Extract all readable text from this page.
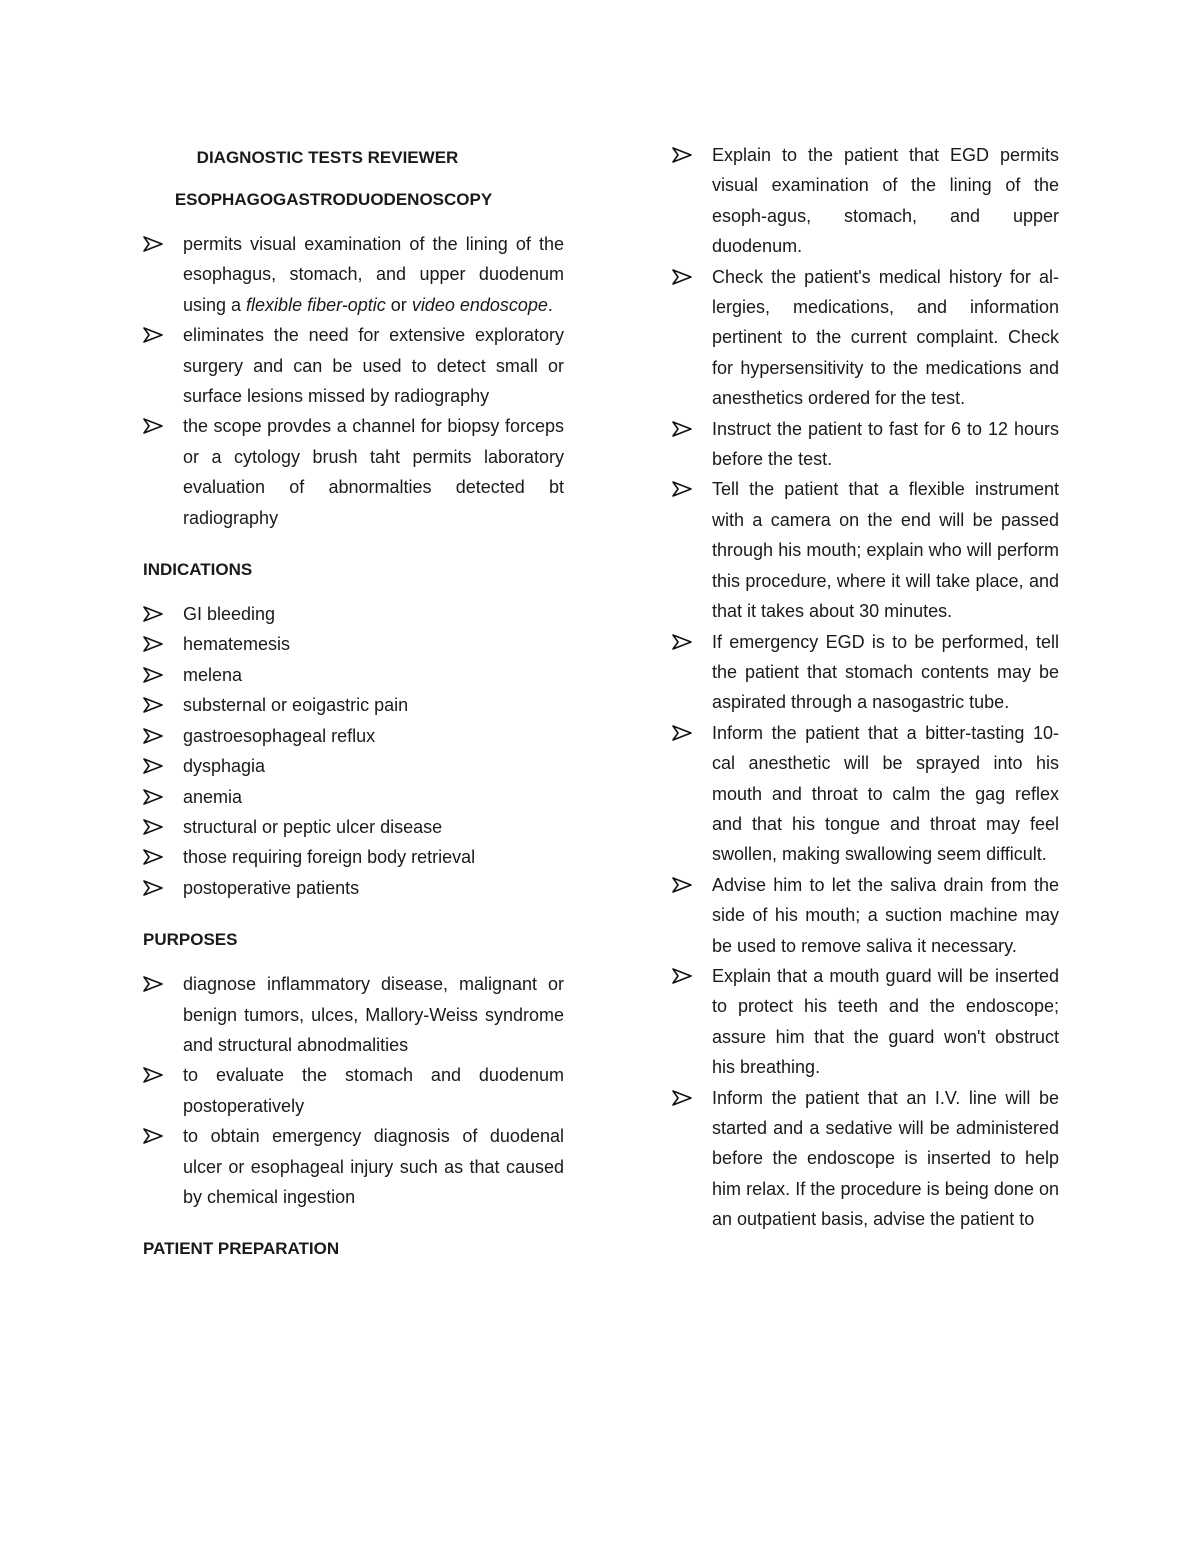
DIAGNOSTIC TESTS REVIEWER
ESOPHAGOGASTRODUODENOSCOPY
permits visual examination of the lining of the esophagus, stomach, and upper duodenum using a flexible fiber-optic or video endoscope.
eliminates the need for extensive exploratory surgery and can be used to detect small or surface lesions missed by radiography
the scope provdes a channel for biopsy forceps or a cytology brush taht permits laboratory evaluation of abnormalties detected bt radiography
INDICATIONS
GI bleeding
hematemesis
melena
substernal or eoigastric pain
gastroesophageal reflux
dysphagia
anemia
structural or peptic ulcer disease
those requiring foreign body retrieval
postoperative patients
PURPOSES
diagnose inflammatory disease, malignant or benign tumors, ulces, Mallory-Weiss syndrome and structural abnodmalities
to evaluate the stomach and duodenum postoperatively
to obtain emergency diagnosis of duodenal ulcer or esophageal injury such as that caused by chemical ingestion
PATIENT PREPARATION
Explain to the patient that EGD permits visual examination of the lining of the esoph-agus, stomach, and upper duodenum.
Check the patient's medical history for al-lergies, medications, and information pertinent to the current complaint. Check for hypersensitivity to the medications and anesthetics ordered for the test.
Instruct the patient to fast for 6 to 12 hours before the test.
Tell the patient that a flexible instrument with a camera on the end will be passed through his mouth; explain who will perform this procedure, where it will take place, and that it takes about 30 minutes.
If emergency EGD is to be performed, tell the patient that stomach contents may be aspirated through a nasogastric tube.
Inform the patient that a bitter-tasting 10-cal anesthetic will be sprayed into his mouth and throat to calm the gag reflex and that his tongue and throat may feel swollen, making swallowing seem difficult.
Advise him to let the saliva drain from the side of his mouth; a suction machine may be used to remove saliva it necessary.
Explain that a mouth guard will be inserted to protect his teeth and the endoscope; assure him that the guard won't obstruct his breathing.
Inform the patient that an I.V. line will be started and a sedative will be administered before the endoscope is inserted to help him relax. If the procedure is being done on an outpatient basis, advise the patient to
